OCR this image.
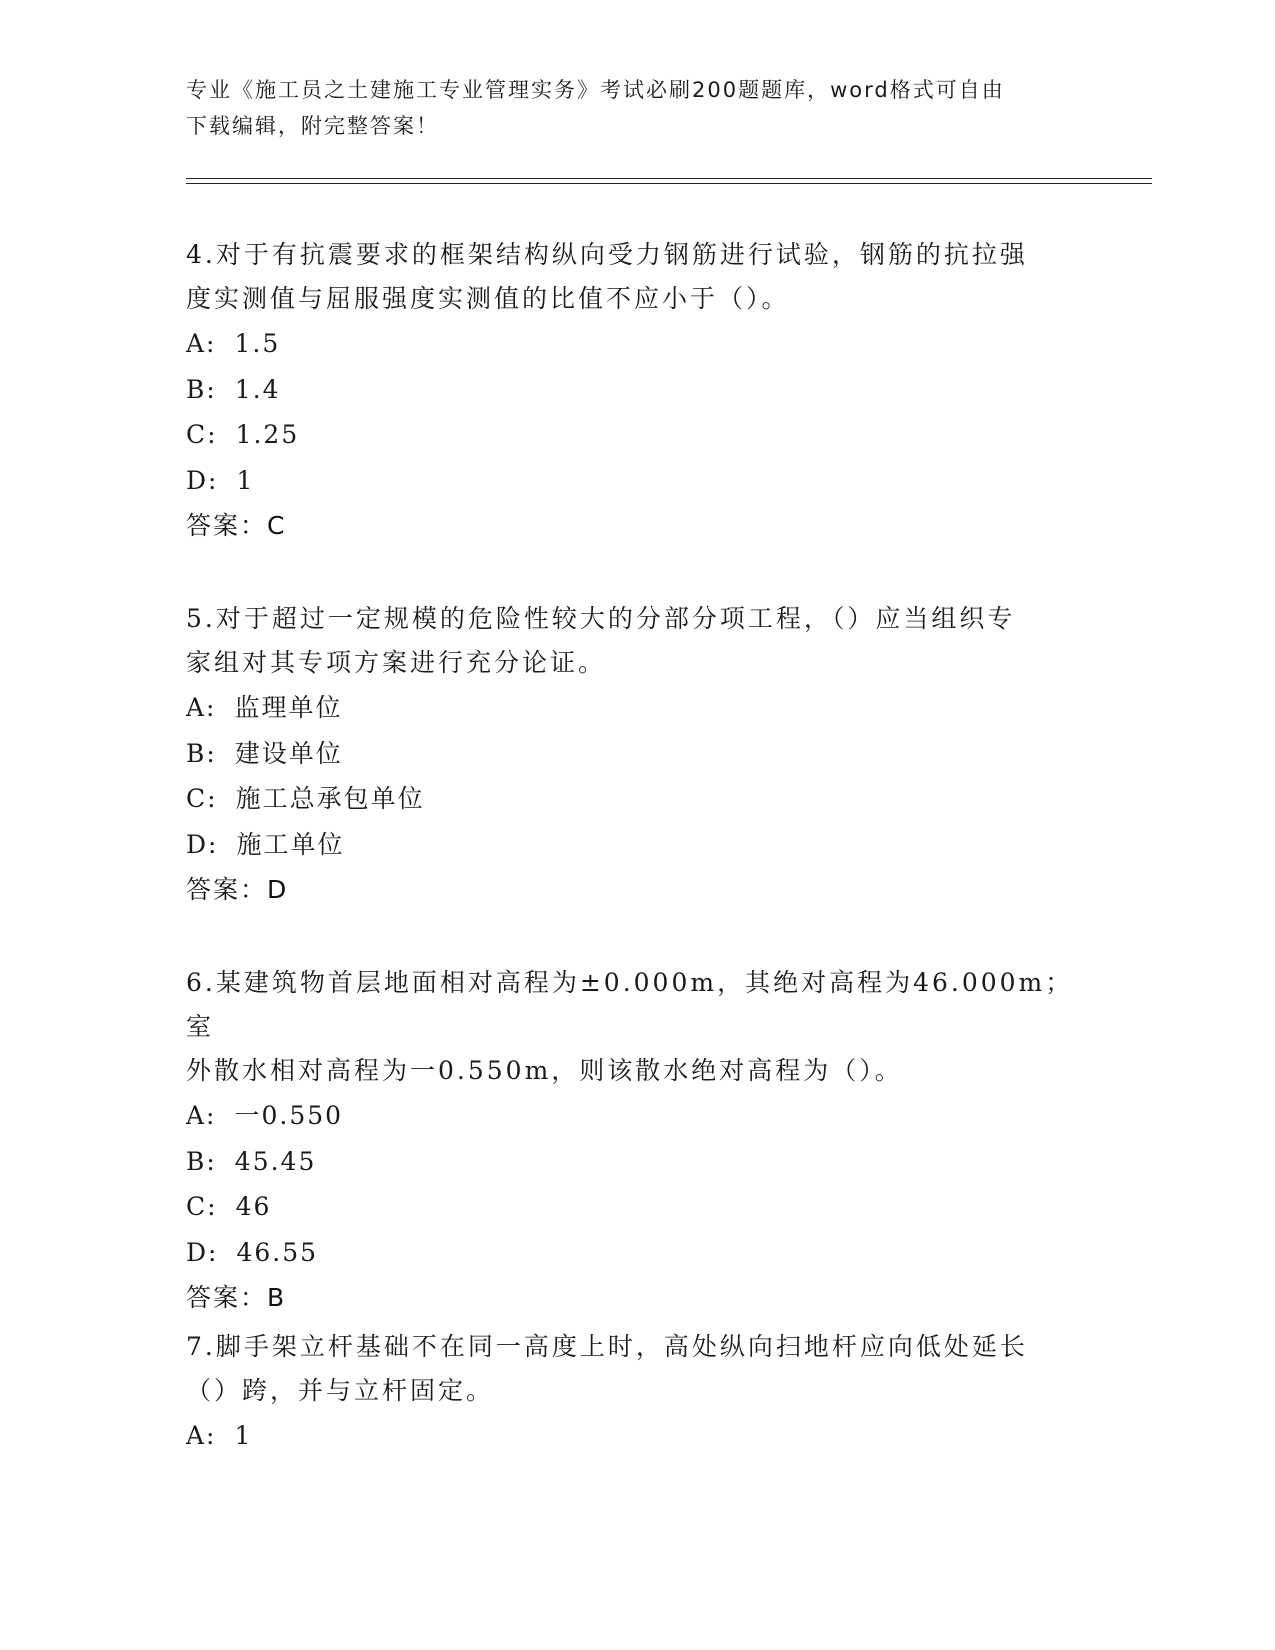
专业《施工员之土建施工专业管理实务》考试必刷200题题库，word格式可自由
下载编辑，附完整答案！

4.对于有抗震要求的框架结构纵向受力钢筋进行试验，钢筋的抗拉强
度实测值与屈服强度实测值的比值不应小于（）。

A: 1.5
B: 1.4
C: 1.25
D: 1
答案：C

5.对于超过一定规模的危险性较大的分部分项工程，（）应当组织专
家组对其专项方案进行充分论证。

A: 监理单位
B: 建设单位
C: 施工总承包单位
D: 施工单位
答案：D

6.某建筑物首层地面相对高程为±0.000m，其绝对高程为46.000m；室
外散水相对高程为一0.550m，则该散水绝对高程为（）。

A: 一0.550
B: 45.45
C: 46
D: 46.55
答案：B

7.脚手架立杆基础不在同一高度上时，高处纵向扫地杆应向低处延长
（）跨，并与立杆固定。

A: 1
